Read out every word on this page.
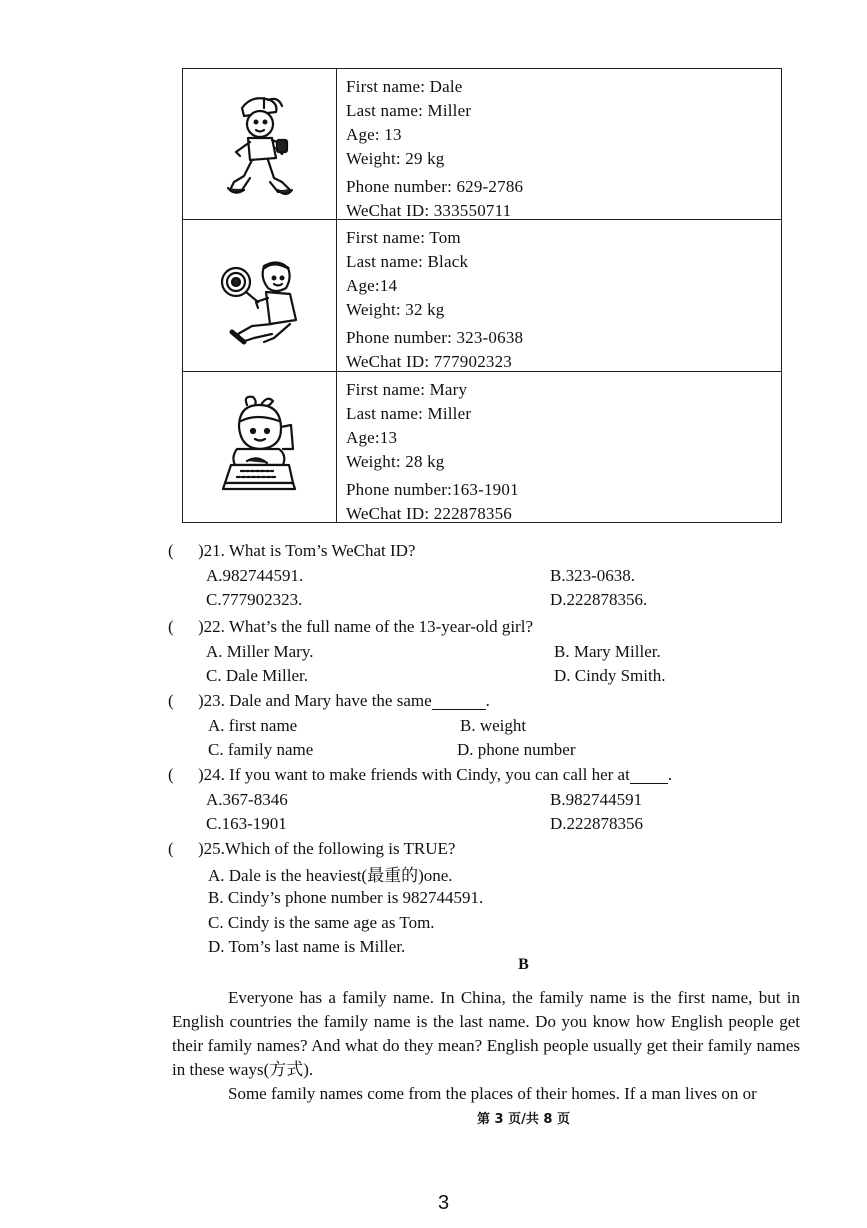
First name: Dale
Last name: Miller
Age: 13
Weight: 29 kg
Phone number: 629-2786
WeChat ID: 333550711
First name: Tom
Last name: Black
Age:14
Weight: 32 kg
Phone number: 323-0638
WeChat ID: 777902323
First name: Mary
Last name: Miller
Age:13
Weight: 28 kg
Phone number:163-1901
WeChat ID: 222878356
(	)21. What is Tom’s WeChat ID?
A.982744591.	B.323-0638.
C.777902323.	D.222878356.
(	)22. What’s the full name of the 13-year-old girl?
A. Miller Mary.	B. Mary Miller.
C. Dale Miller.	D. Cindy Smith.
(	)23. Dale and Mary have the same	.
A. first name	B. weight
C. family name	D. phone number
(	)24. If you want to make friends with Cindy, you can call her at .
A.367-8346	B.982744591
C.163-1901	D.222878356
(	)25.Which of the following is TRUE?
A. Dale is the heaviest(最重的)one.
B. Cindy’s phone number is 982744591.
C. Cindy is the same age as Tom.
D. Tom’s last name is Miller.
B

Everyone has a family name. In China, the family name is the first name, but in English countries the family name is the last name. Do you know how English people get their family names? And what do they mean? English people usually get their family names in these ways(方式).

Some family names come from the places of their homes. If a man lives on or

第 3 页/共 8 页
3
